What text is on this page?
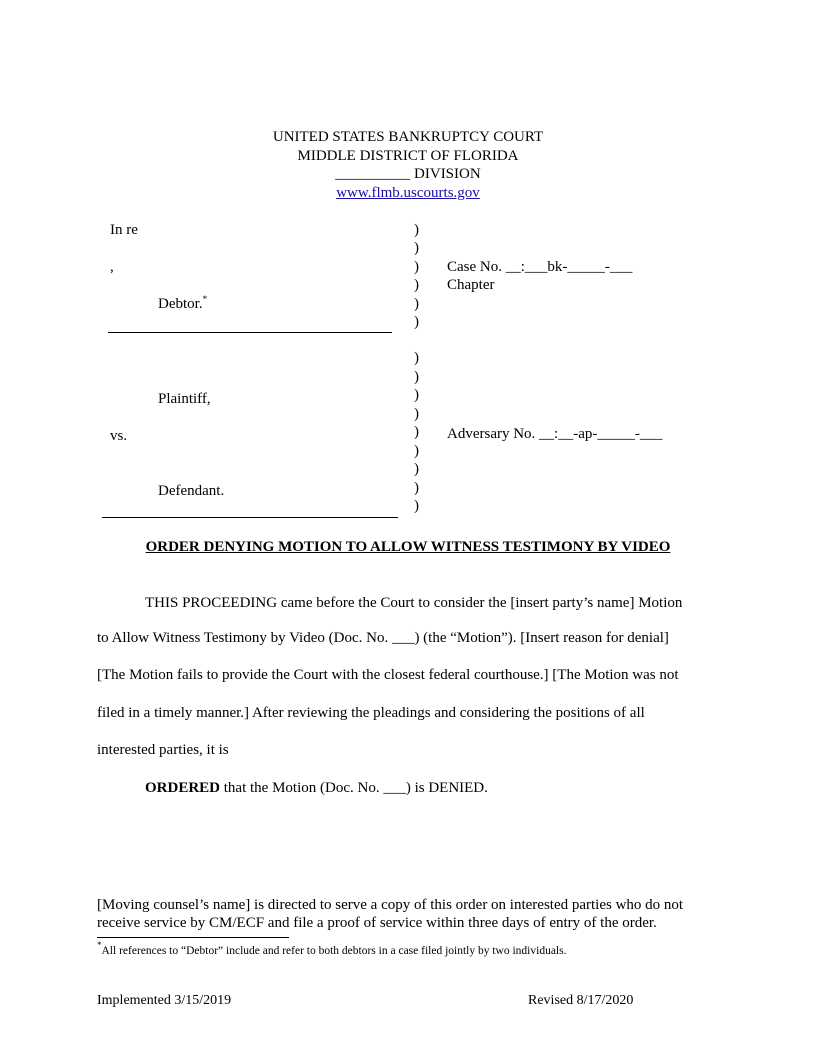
UNITED STATES BANKRUPTCY COURT
MIDDLE DISTRICT OF FLORIDA
__________ DIVISION
www.flmb.uscourts.gov
In re
,
Debtor.*
Plaintiff,
vs.
Defendant.
)
)
)
)
)
)
)
)
)
)
)
)
)
)
)
Case No. __:___bk-_____-___
Chapter
Adversary No. __:__-ap-_____-___
ORDER DENYING MOTION TO ALLOW WITNESS TESTIMONY BY VIDEO
THIS PROCEEDING came before the Court to consider the [insert party’s name] Motion
to Allow Witness Testimony by Video (Doc. No. ___) (the “Motion”). [Insert reason for denial]
[The Motion fails to provide the Court with the closest federal courthouse.] [The Motion was not
filed in a timely manner.] After reviewing the pleadings and considering the positions of all
interested parties, it is
ORDERED that the Motion (Doc. No. ___) is DENIED.
[Moving counsel’s name] is directed to serve a copy of this order on interested parties who do not
receive service by CM/ECF and file a proof of service within three days of entry of the order.
*All references to “Debtor” include and refer to both debtors in a case filed jointly by two individuals.
Implemented 3/15/2019	Revised 8/17/2020
